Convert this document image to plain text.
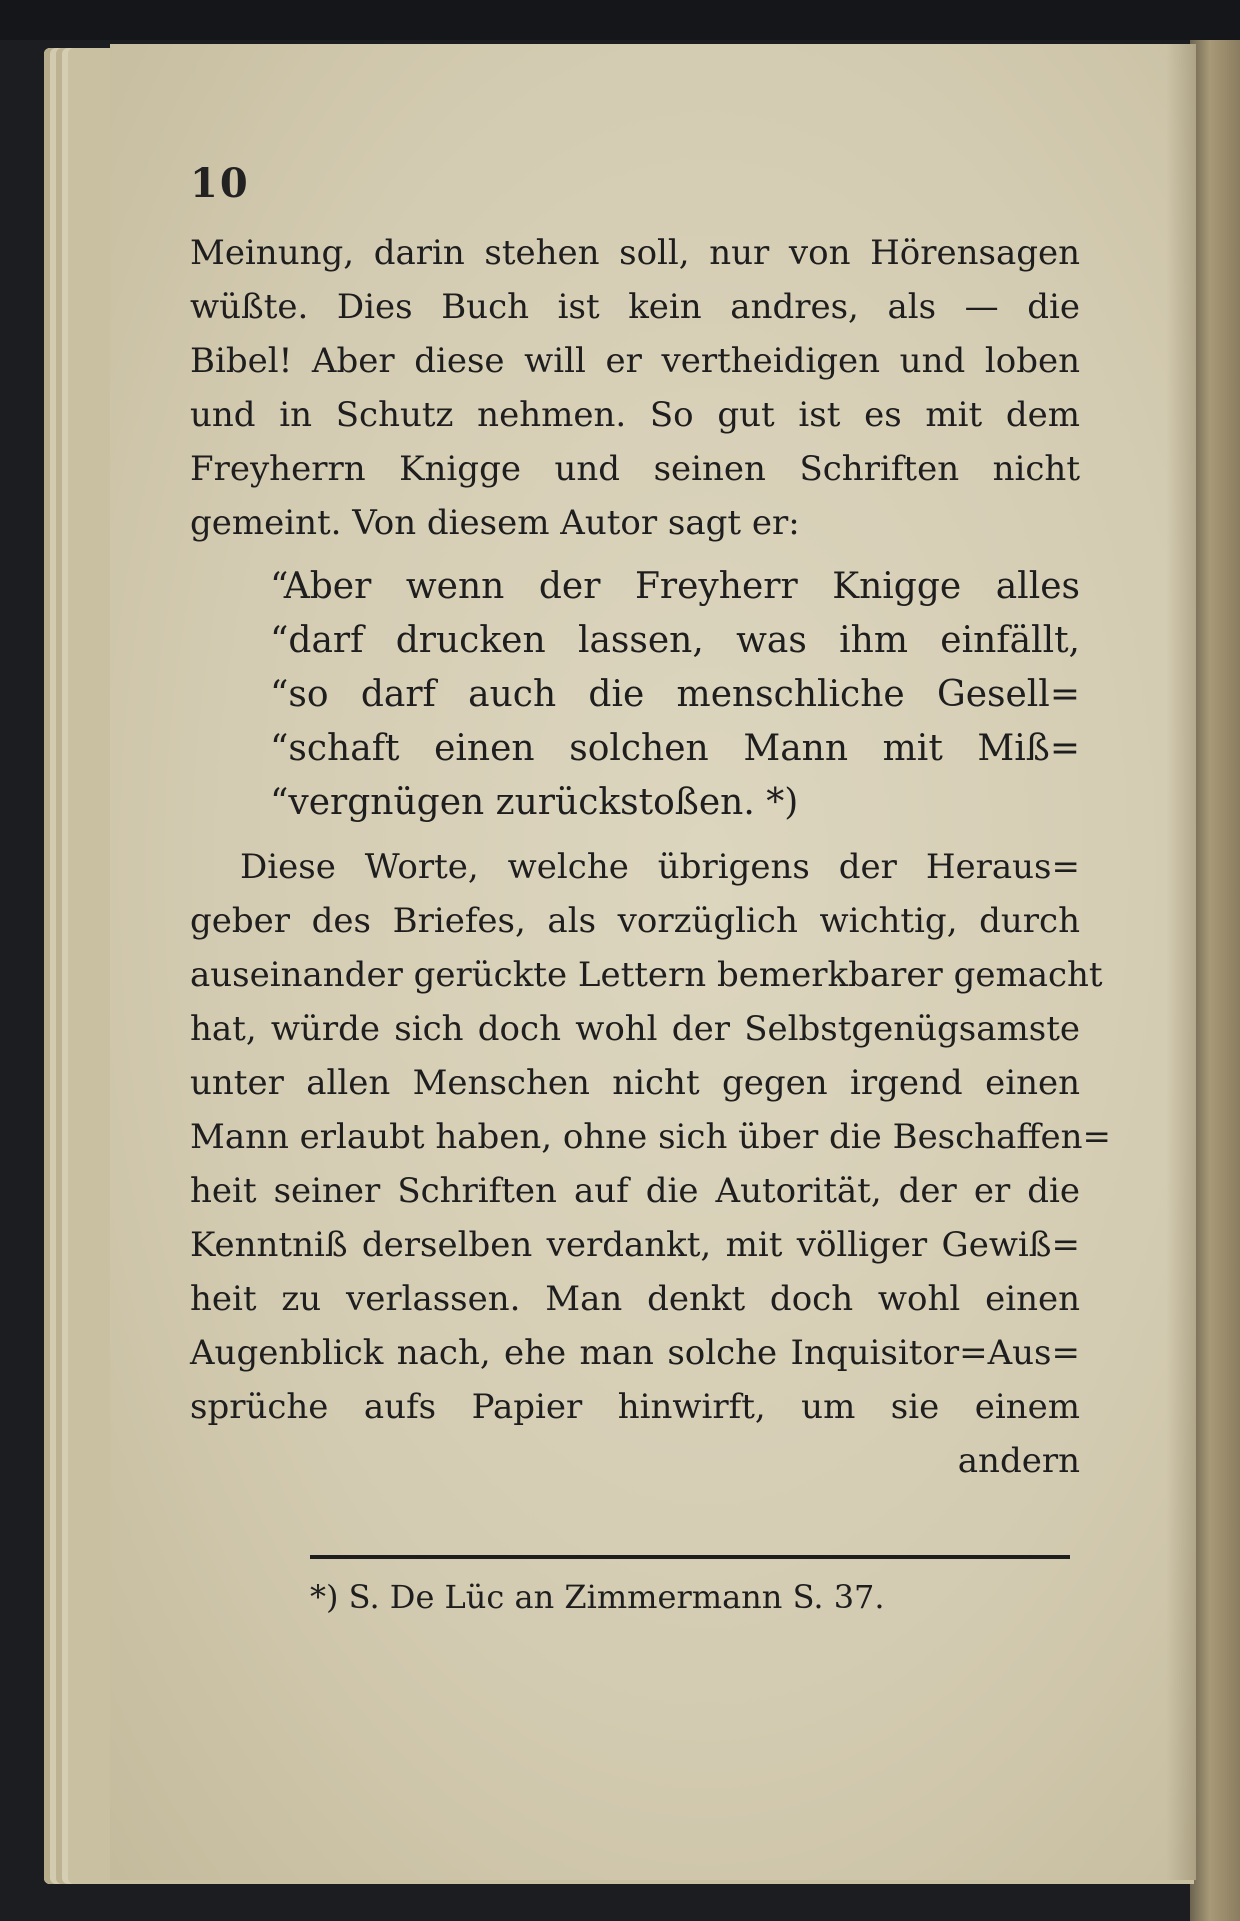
10
Meinung, darin stehen soll, nur von Hörensagen
wüßte. Dies Buch ist kein andres, als — die
Bibel! Aber diese will er vertheidigen und loben
und in Schutz nehmen. So gut ist es mit dem
Freyherrn Knigge und seinen Schriften nicht
gemeint. Von diesem Autor sagt er:
“Aber wenn der Freyherr Knigge alles
“darf drucken lassen, was ihm einfällt,
“so darf auch die menschliche Gesell=
“schaft einen solchen Mann mit Miß=
“vergnügen zurückstoßen. *)
Diese Worte, welche übrigens der Heraus=
geber des Briefes, als vorzüglich wichtig, durch
auseinander gerückte Lettern bemerkbarer gemacht
hat, würde sich doch wohl der Selbstgenügsamste
unter allen Menschen nicht gegen irgend einen
Mann erlaubt haben, ohne sich über die Beschaffen=
heit seiner Schriften auf die Autorität, der er die
Kenntniß derselben verdankt, mit völliger Gewiß=
heit zu verlassen. Man denkt doch wohl einen
Augenblick nach, ehe man solche Inquisitor=Aus=
sprüche aufs Papier hinwirft, um sie einem
andern
*) S. De Lüc an Zimmermann S. 37.
